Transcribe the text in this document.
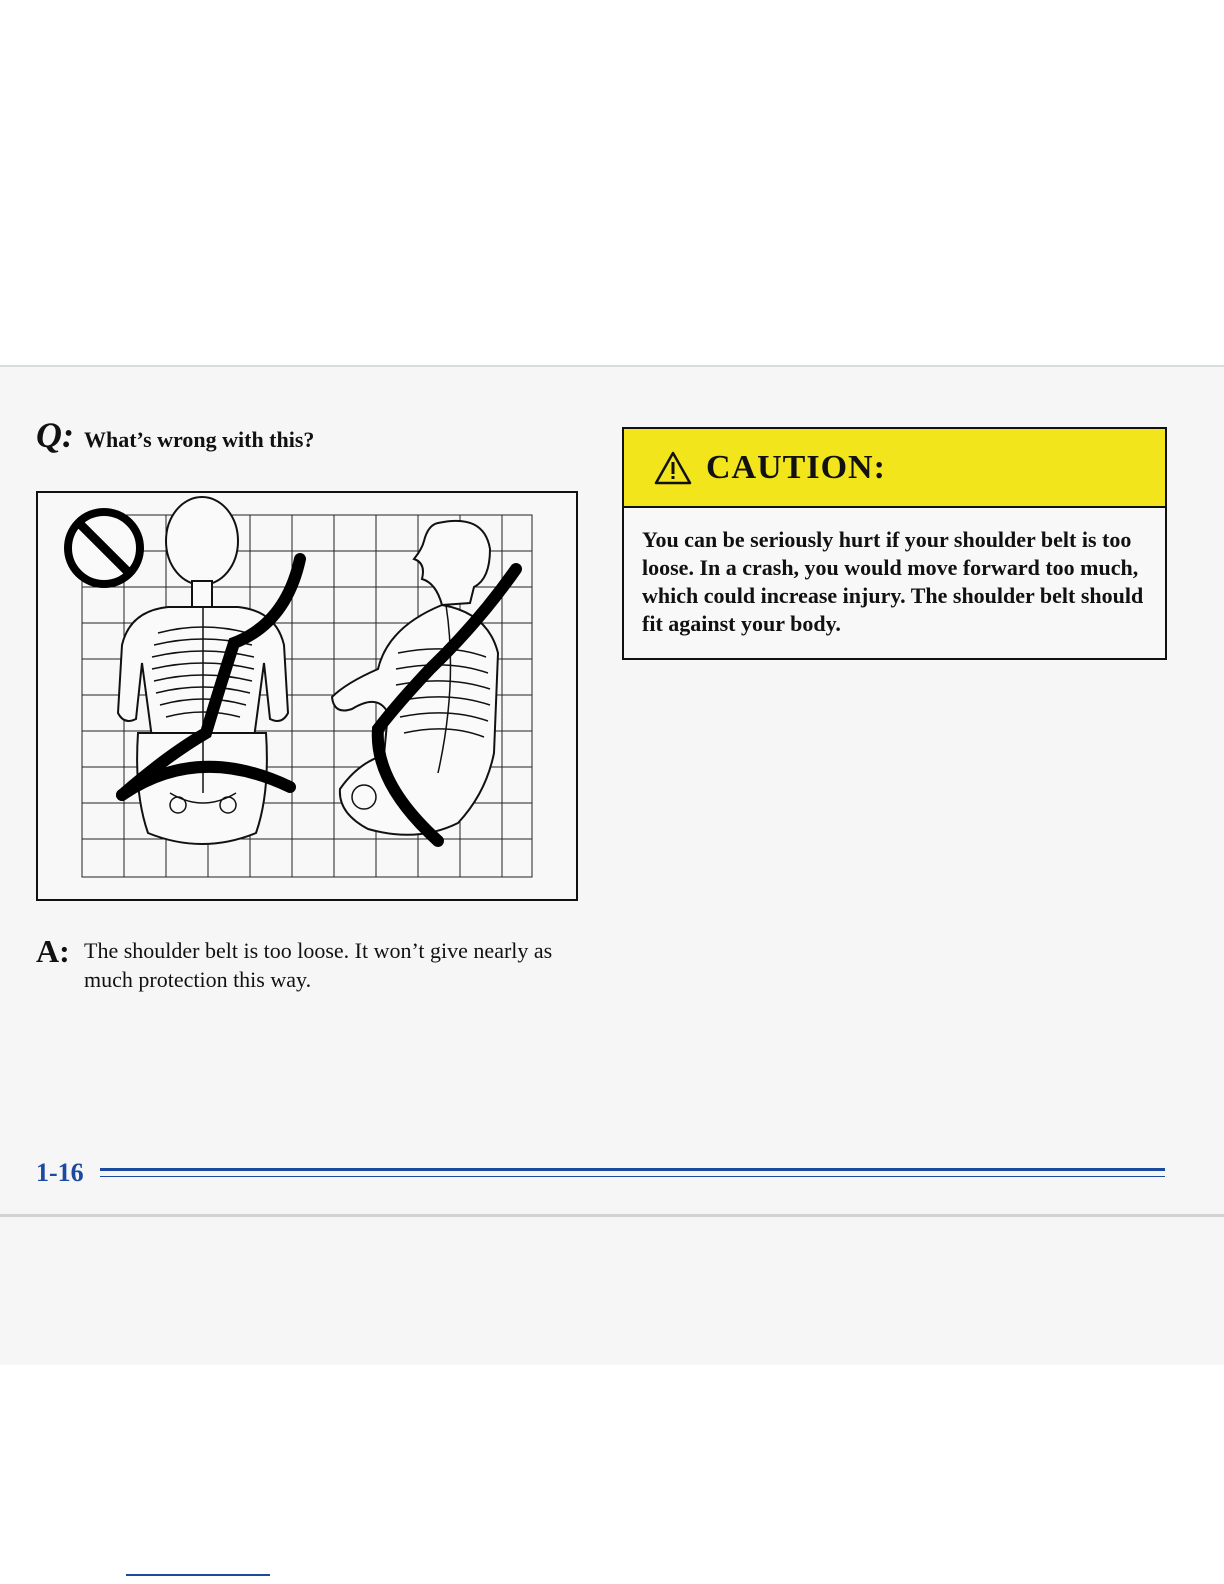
Q: What’s wrong with this?
A: The shoulder belt is too loose. It won’t give nearly as much protection this way.
CAUTION:
You can be seriously hurt if your shoulder belt is too loose. In a crash, you would move forward too much, which could increase injury. The shoulder belt should fit against your body.
1-16
